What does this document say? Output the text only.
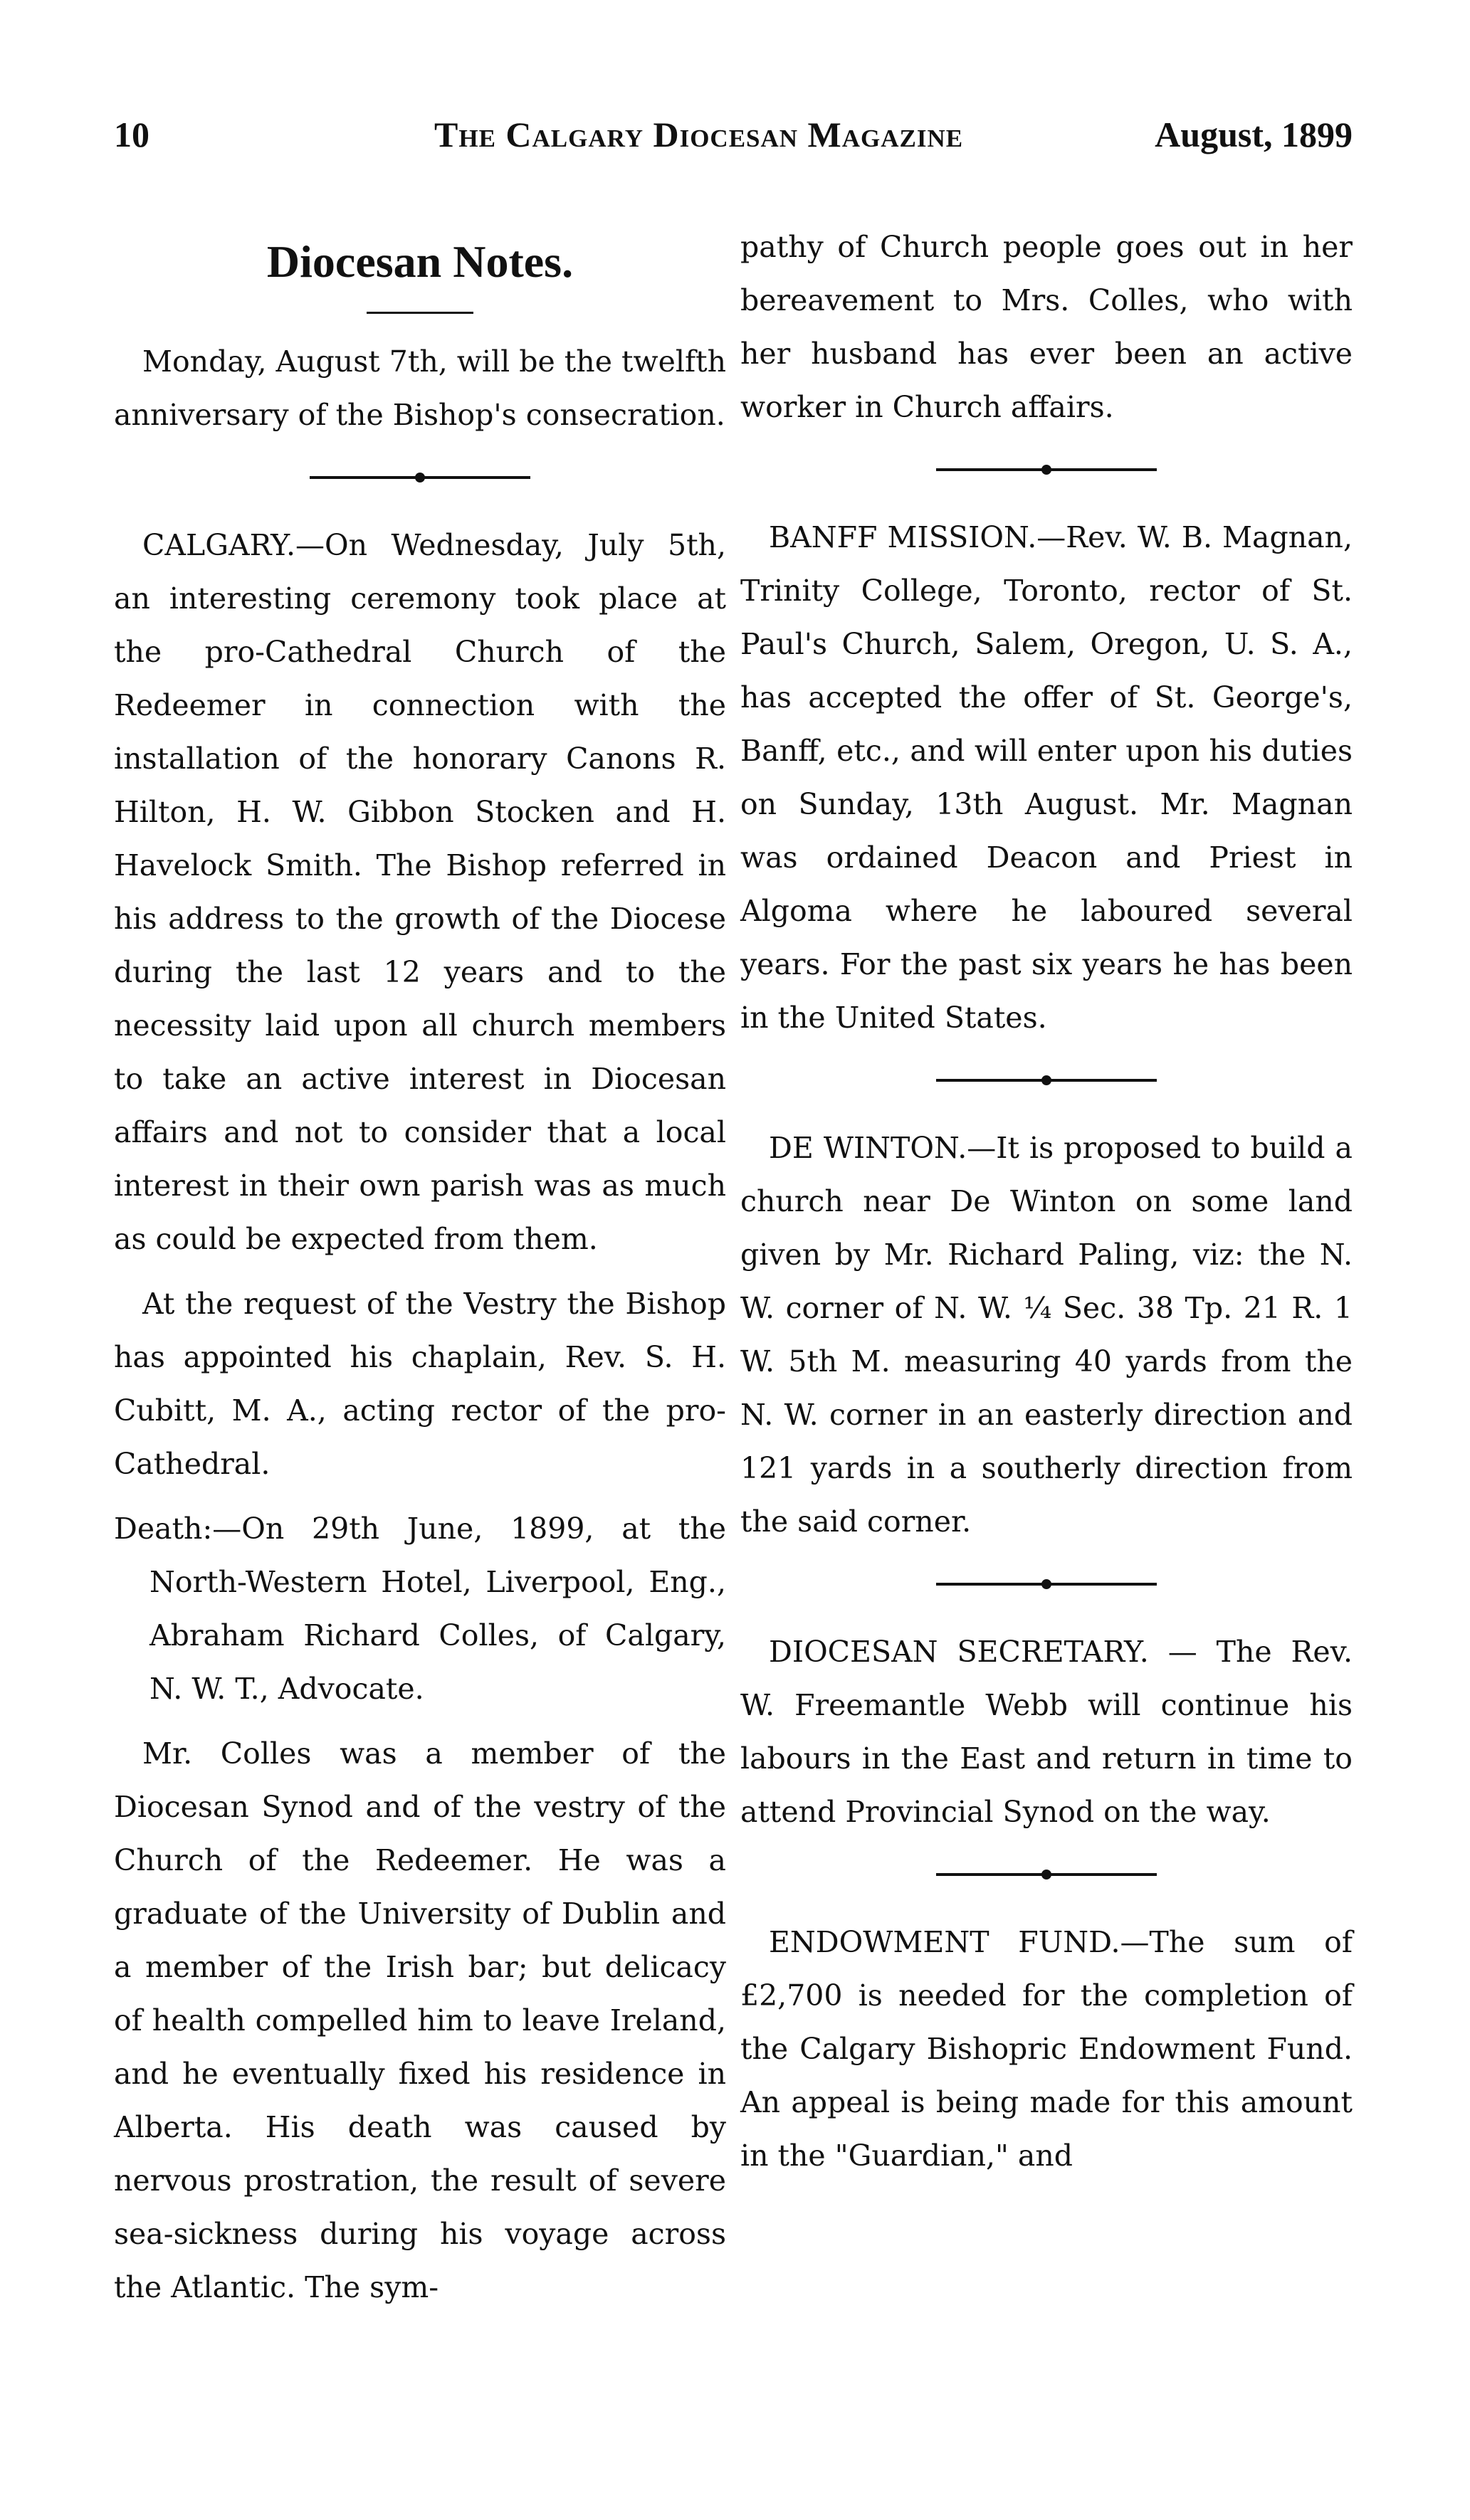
10	The Calgary Diocesan Magazine	August, 1899
Diocesan Notes.

Monday, August 7th, will be the twelfth anniversary of the Bishop's consecration.

CALGARY.—On Wednesday, July 5th, an interesting ceremony took place at the pro-Cathedral Church of the Redeemer in connection with the installation of the honorary Canons R. Hilton, H. W. Gibbon Stocken and H. Havelock Smith. The Bishop referred in his address to the growth of the Diocese during the last 12 years and to the necessity laid upon all church members to take an active interest in Diocesan affairs and not to consider that a local interest in their own parish was as much as could be expected from them.

At the request of the Vestry the Bishop has appointed his chaplain, Rev. S. H. Cubitt, M. A., acting rector of the pro-Cathedral.

Death:—On 29th June, 1899, at the North-Western Hotel, Liverpool, Eng., Abraham Richard Colles, of Calgary, N. W. T., Advocate.

Mr. Colles was a member of the Diocesan Synod and of the vestry of the Church of the Redeemer. He was a graduate of the University of Dublin and a member of the Irish bar; but delicacy of health compelled him to leave Ireland, and he eventually fixed his residence in Alberta. His death was caused by nervous prostration, the result of severe sea-sickness during his voyage across the Atlantic. The sym-

pathy of Church people goes out in her bereavement to Mrs. Colles, who with her husband has ever been an active worker in Church affairs.

BANFF MISSION.—Rev. W. B. Magnan, Trinity College, Toronto, rector of St. Paul's Church, Salem, Oregon, U. S. A., has accepted the offer of St. George's, Banff, etc., and will enter upon his duties on Sunday, 13th August. Mr. Magnan was ordained Deacon and Priest in Algoma where he laboured several years. For the past six years he has been in the United States.

DE WINTON.—It is proposed to build a church near De Winton on some land given by Mr. Richard Paling, viz: the N. W. corner of N. W. ¼ Sec. 38 Tp. 21 R. 1 W. 5th M. measuring 40 yards from the N. W. corner in an easterly direction and 121 yards in a southerly direction from the said corner.

DIOCESAN SECRETARY. — The Rev. W. Freemantle Webb will continue his labours in the East and return in time to attend Provincial Synod on the way.

ENDOWMENT FUND.—The sum of £2,700 is needed for the completion of the Calgary Bishopric Endowment Fund. An appeal is being made for this amount in the "Guardian," and
